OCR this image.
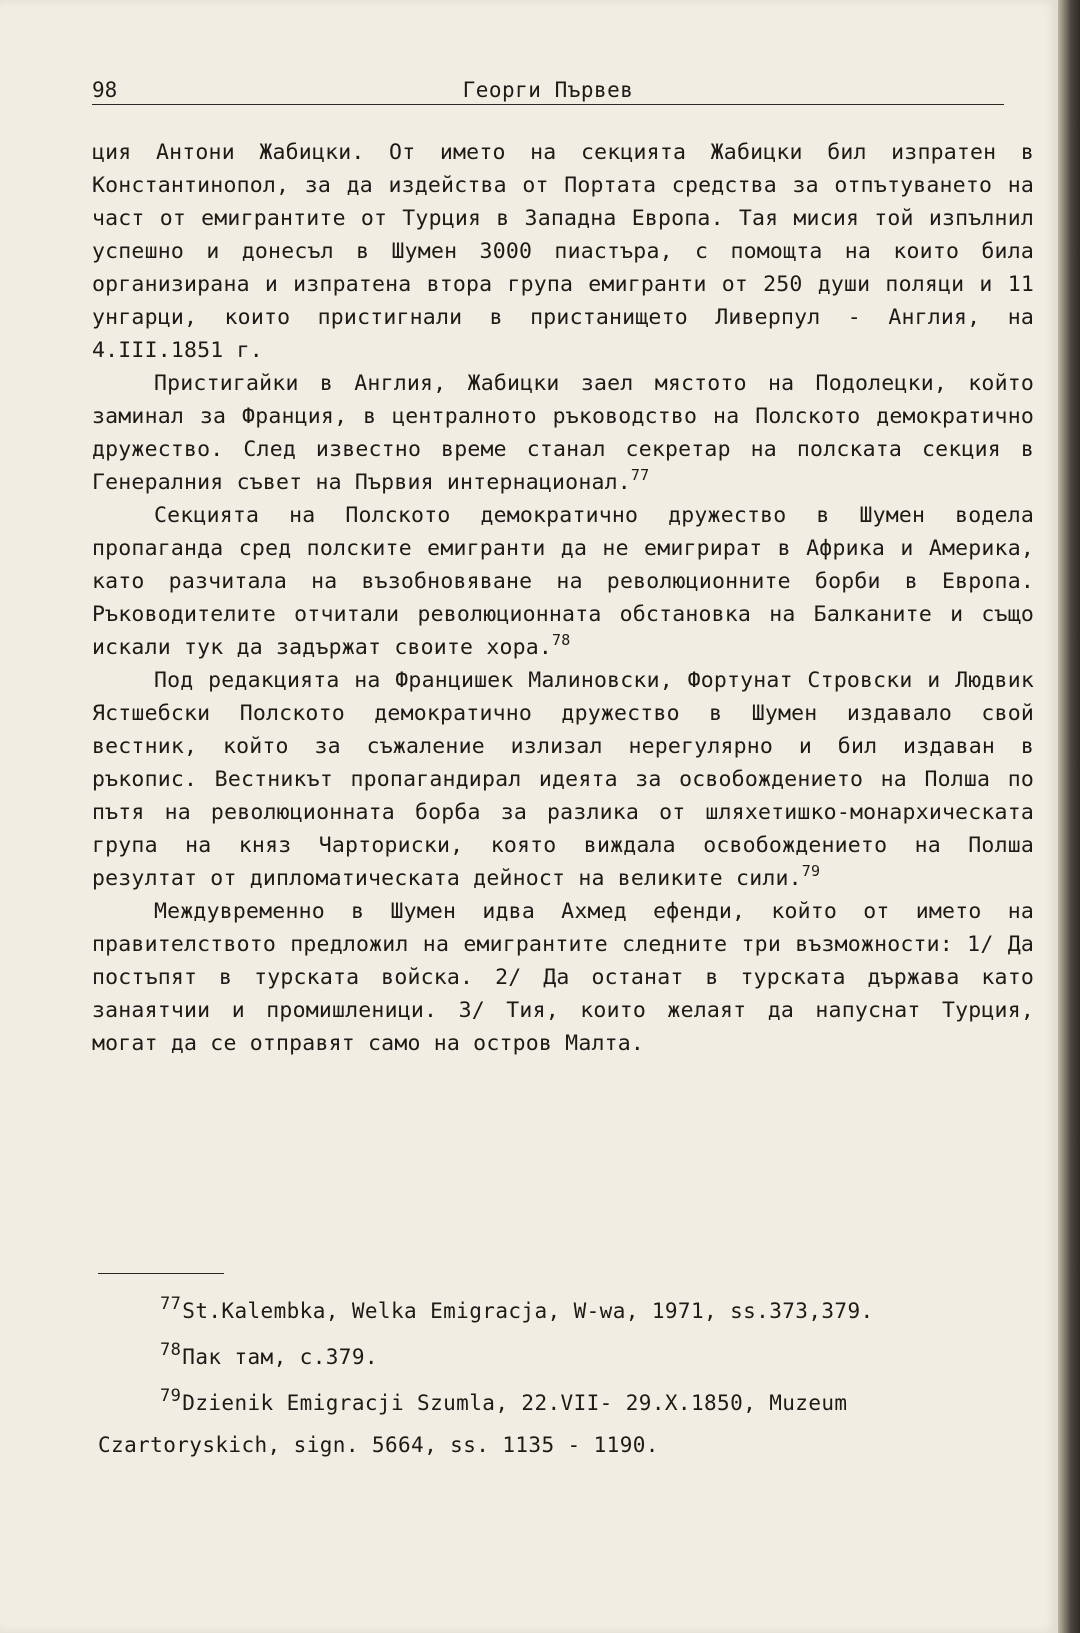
98	Георги Първев

ция Антони Жабицки. От името на секцията Жабицки бил изпратен в Константинопол, за да издейства от Портата средства за отпътуването на част от емигрантите от Турция в Западна Европа. Тая мисия той изпълнил успешно и донесъл в Шумен 3000 пиастъра, с помощта на които била организирана и изпратена втора група емигранти от 250 души поляци и 11 унгарци, които пристигнали в пристанището Ливерпул - Англия, на 4.III.1851 г.

Пристигайки в Англия, Жабицки заел мястото на Подолецки, който заминал за Франция, в централното ръководство на Полското демократично дружество. След известно време станал секретар на полската секция в Генералния съвет на Първия интернационал.$^{77}$

Секцията на Полското демократично дружество в Шумен водела пропаганда сред полските емигранти да не емигрират в Африка и Америка, като разчитала на възобновяване на революционните борби в Европа. Ръководителите отчитали революционната обстановка на Балканите и също искали тук да задържат своите хора.$^{78}$

Под редакцията на Францишек Малиновски, Фортунат Стровски и Людвик Ястшебски Полското демократично дружество в Шумен издавало свой вестник, който за съжаление излизал нерегулярно и бил издаван в ръкопис. Вестникът пропагандирал идеята за освобождението на Полша по пътя на революционната борба за разлика от шляхетишко-монархическата група на княз Чарториски, която виждала освобождението на Полша резултат от дипломатическата дейност на великите сили.$^{79}$

Междувременно в Шумен идва Ахмед ефенди, който от името на правителството предложил на емигрантите следните три възможности: 1/ Да постъпят в турската войска. 2/ Да останат в турската държава като занаятчии и промишленици. 3/ Тия, които желаят да напуснат Турция, могат да се отправят само на остров Малта.

$^{77}$St.Kalembka, Welka Emigracja, W-wa, 1971, ss.373,379.

$^{78}$Пак там, с.379.

$^{79}$Dzienik Emigracji Szumla, 22.VII- 29.X.1850, Muzeum Czartoryskich, sign. 5664, ss. 1135 - 1190.
